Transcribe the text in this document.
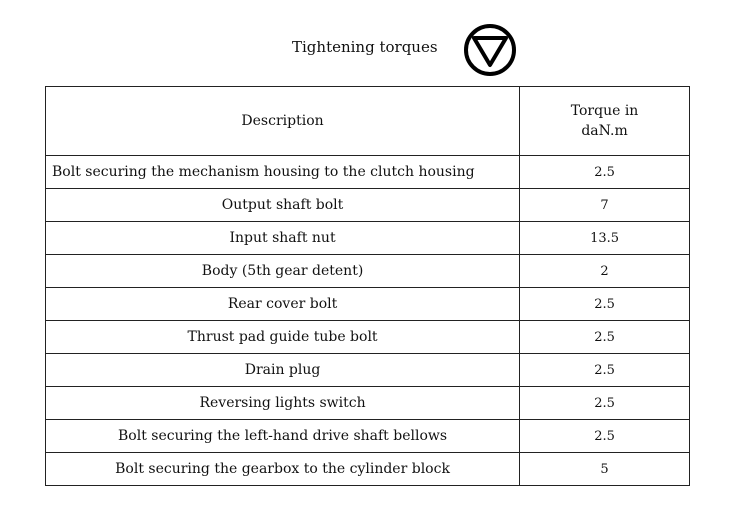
Tightening torques
Description	Torque in
daN.m
Bolt securing the mechanism housing to the clutch housing	2.5
Output shaft bolt	7
Input shaft nut	13.5
Body (5th gear detent)	2
Rear cover bolt	2.5
Thrust pad guide tube bolt	2.5
Drain plug	2.5
Reversing lights switch	2.5
Bolt securing the left-hand drive shaft bellows	2.5
Bolt securing the gearbox to the cylinder block	5
